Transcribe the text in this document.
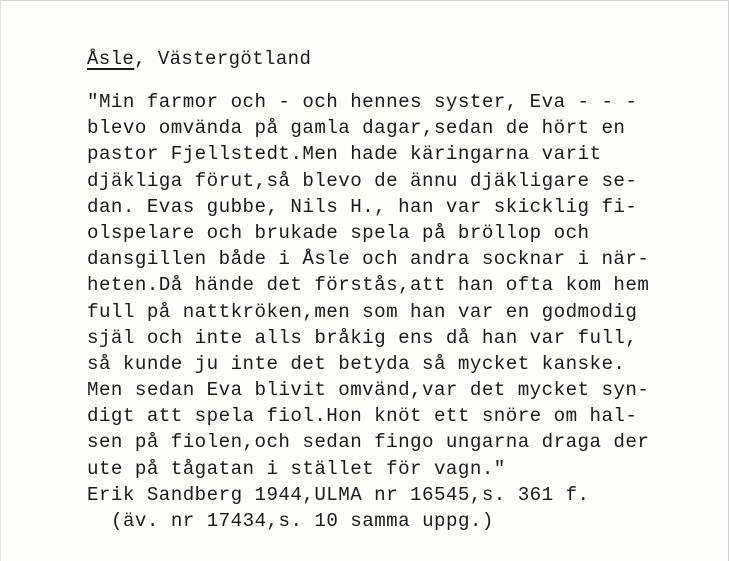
Åsle, Västergötland
"Min farmor och - och hennes syster, Eva - - -
blevo omvända på gamla dagar,sedan de hört en
pastor Fjellstedt.Men hade käringarna varit
djäkliga förut,så blevo de ännu djäkligare se-
dan. Evas gubbe, Nils H., han var skicklig fi-
olspelare och brukade spela på bröllop och
dansgillen både i Åsle och andra socknar i när-
heten.Då hände det förstås,att han ofta kom hem
full på nattkröken,men som han var en godmodig
själ och inte alls bråkig ens då han var full,
så kunde ju inte det betyda så mycket kanske.
Men sedan Eva blivit omvänd,var det mycket syn-
digt att spela fiol.Hon knöt ett snöre om hal-
sen på fiolen,och sedan fingo ungarna draga der
ute på tågatan i stället för vagn."
Erik Sandberg 1944,ULMA nr 16545,s. 361 f.
(äv. nr 17434,s. 10 samma uppg.)
